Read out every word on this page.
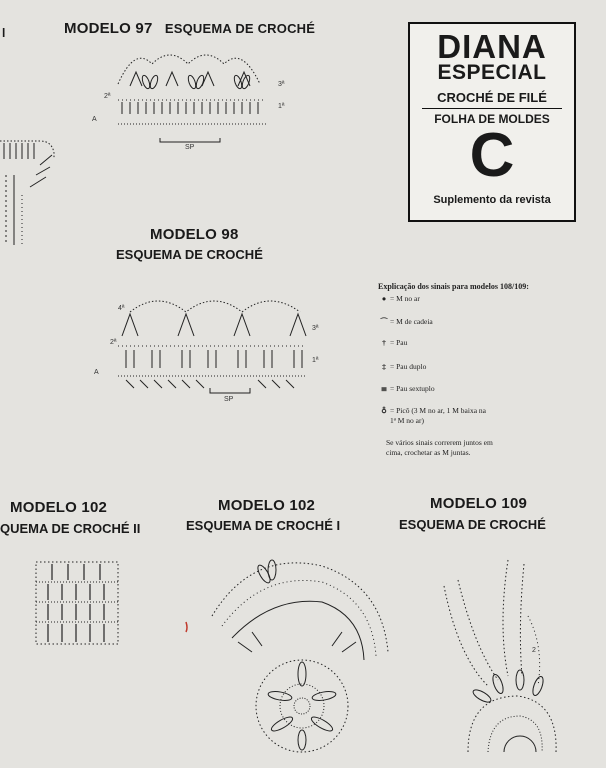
l	MODELO 97 ESQUEMA DE CROCHÉ	DIANA
ESPECIAL
CROCHÉ DE FILÉ
FOLHA DE MOLDES
C
Suplemento da revista
2ª
3ª
1ª
A
SP
MODELO 98
ESQUEMA DE CROCHÉ
4ª
2ª
3ª
1ª
A
SP
Explicação dos sinais para modelos 108/109:
● = M no ar
⌒ = M de cadeia
† = Pau
‡ = Pau duplo
≣ = Pau sextuplo
♁ = Picô (3 M no ar, 1 M baixa na
1ª M no ar)
Se vários sinais correrem juntos em
cima, crochetar as M juntas.
MODELO 102
QUEMA DE CROCHÉ II
MODELO 102
ESQUEMA DE CROCHÉ I
MODELO 109
ESQUEMA DE CROCHÉ
2
